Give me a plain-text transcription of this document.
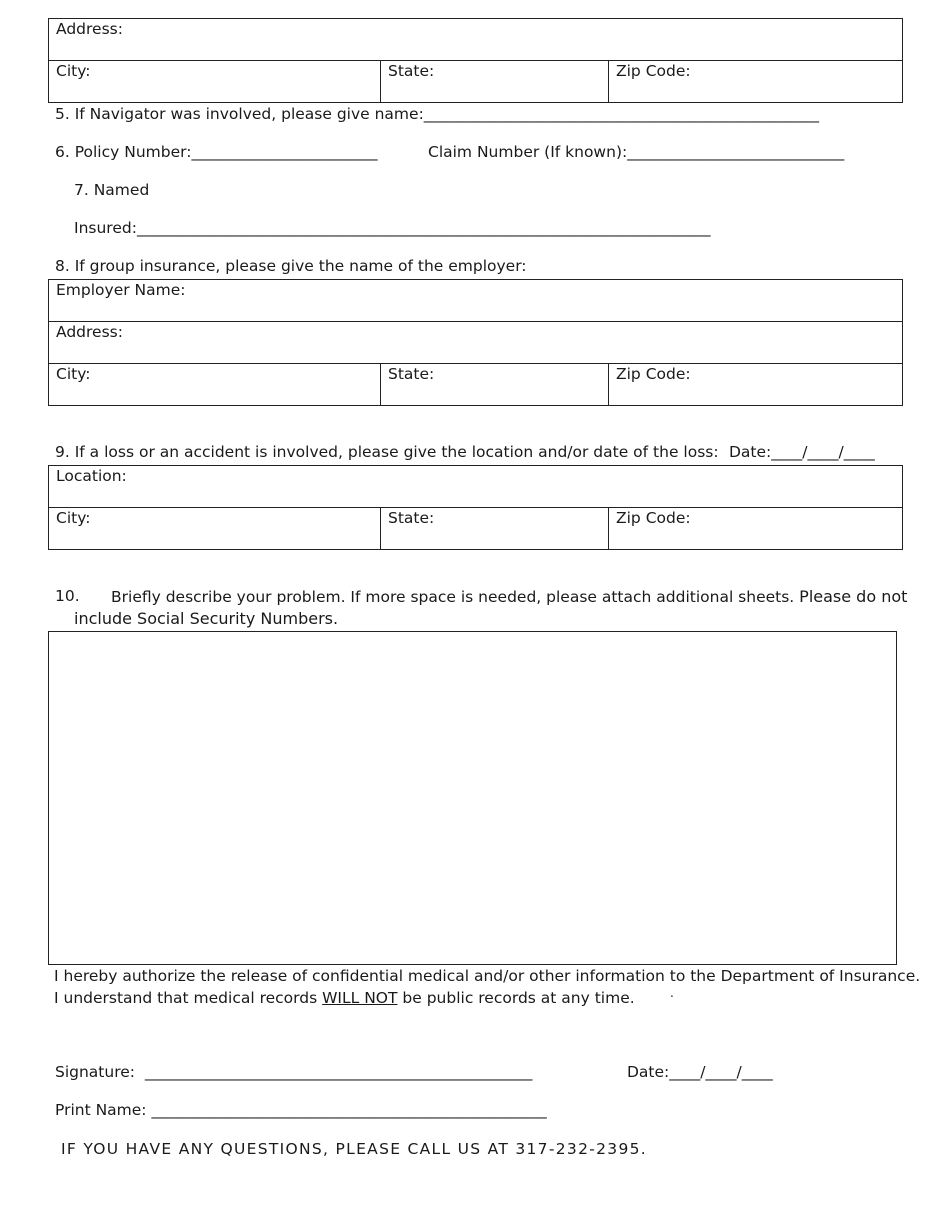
Address:
City:	State:	Zip Code:
5. If Navigator was involved, please give name:___________________________________________________
6. Policy Number:________________________	Claim Number (If known):____________________________
7. Named
Insured:__________________________________________________________________________
8. If group insurance, please give the name of the employer:
Employer Name:
Address:
City:	State:	Zip Code:
9. If a loss or an accident is involved, please give the location and/or date of the loss: Date:____/____/____
Location:
City:	State:	Zip Code:
10. Briefly describe your problem. If more space is needed, please attach additional sheets. Please do not
include Social Security Numbers.
I hereby authorize the release of confidential medical and/or other information to the Department of Insurance.
I understand that medical records WILL NOT be public records at any time.	.
Signature: __________________________________________________	Date:____/____/____
Print Name: ___________________________________________________
IF YOU HAVE ANY QUESTIONS, PLEASE CALL US AT 317-232-2395.
